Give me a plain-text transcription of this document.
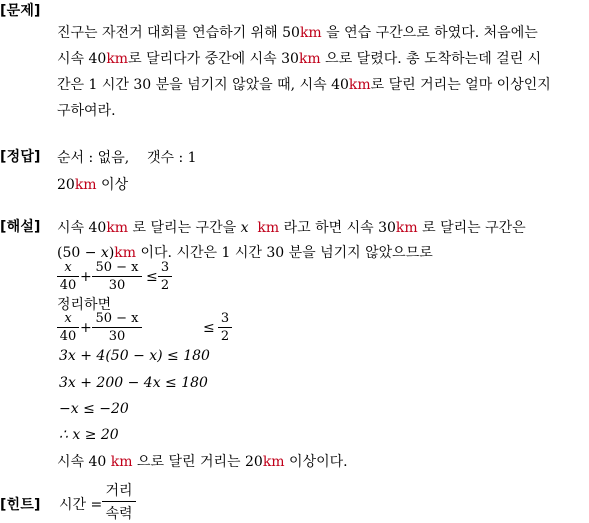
[문제]
진구는 자전거 대회를 연습하기 위해 50km 을 연습 구간으로 하였다. 처음에는
시속 40km로 달리다가 중간에 시속 30km 으로 달렸다. 총 도착하는데 걸린 시
간은 1 시간 30 분을 넘기지 않았을 때, 시속 40km로 달린 거리는 얼마 이상인지
구하여라.
[정답] 순서 : 없음,    갯수 : 1
20km 이상
[해설] 시속 40km 로 달리는 구간을 x km 라고 하면 시속 30km 로 달리는 구간은
(50 − x)km 이다. 시간은 1 시간 30 분을 넘기지 않았으므로
x
40
+
50 − x
30
≤
3
2
정리하면
x
40
+
50 − x
30
≤
3
2
3x + 4(50 − x) ≤ 180
3x + 200 − 4x ≤ 180
−x ≤ −20
∴ x ≥ 20
시속 40 km 으로 달린 거리는 20km 이상이다.
[힌트] 시간 =
거리
속력
